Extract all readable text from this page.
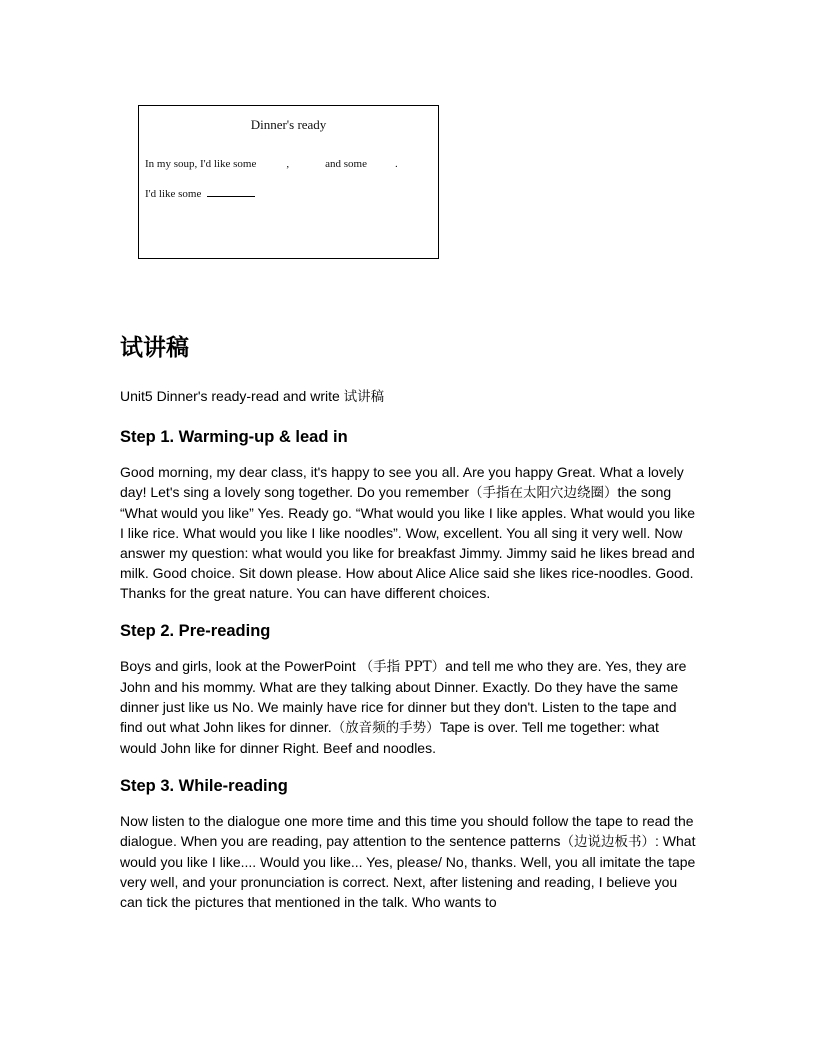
Dinner's ready
In my soup, I'd like some	,	and some	.
I'd like some
试讲稿

Unit5 Dinner's ready-read and write 试讲稿

Step 1. Warming-up & lead in

Good morning, my dear class, it's happy to see you all. Are you happy Great. What a lovely day! Let's sing a lovely song together. Do you remember（手指在太阳穴边绕圈）the song “What would you like” Yes. Ready go. “What would you like I like apples. What would you like I like rice. What would you like I like noodles”. Wow, excellent. You all sing it very well. Now answer my question: what would you like for breakfast Jimmy. Jimmy said he likes bread and milk. Good choice. Sit down please. How about Alice Alice said she likes rice-noodles. Good. Thanks for the great nature. You can have different choices.

Step 2. Pre-reading

Boys and girls, look at the PowerPoint （手指 PPT）and tell me who they are. Yes, they are John and his mommy. What are they talking about Dinner. Exactly. Do they have the same dinner just like us No. We mainly have rice for dinner but they don't. Listen to the tape and find out what John likes for dinner.（放音频的手势）Tape is over. Tell me together: what would John like for dinner Right. Beef and noodles.

Step 3. While-reading

Now listen to the dialogue one more time and this time you should follow the tape to read the dialogue. When you are reading, pay attention to the sentence patterns（边说边板书）: What would you like I like.... Would you like... Yes, please/ No, thanks. Well, you all imitate the tape very well, and your pronunciation is correct. Next, after listening and reading, I believe you can tick the pictures that mentioned in the talk. Who wants to
